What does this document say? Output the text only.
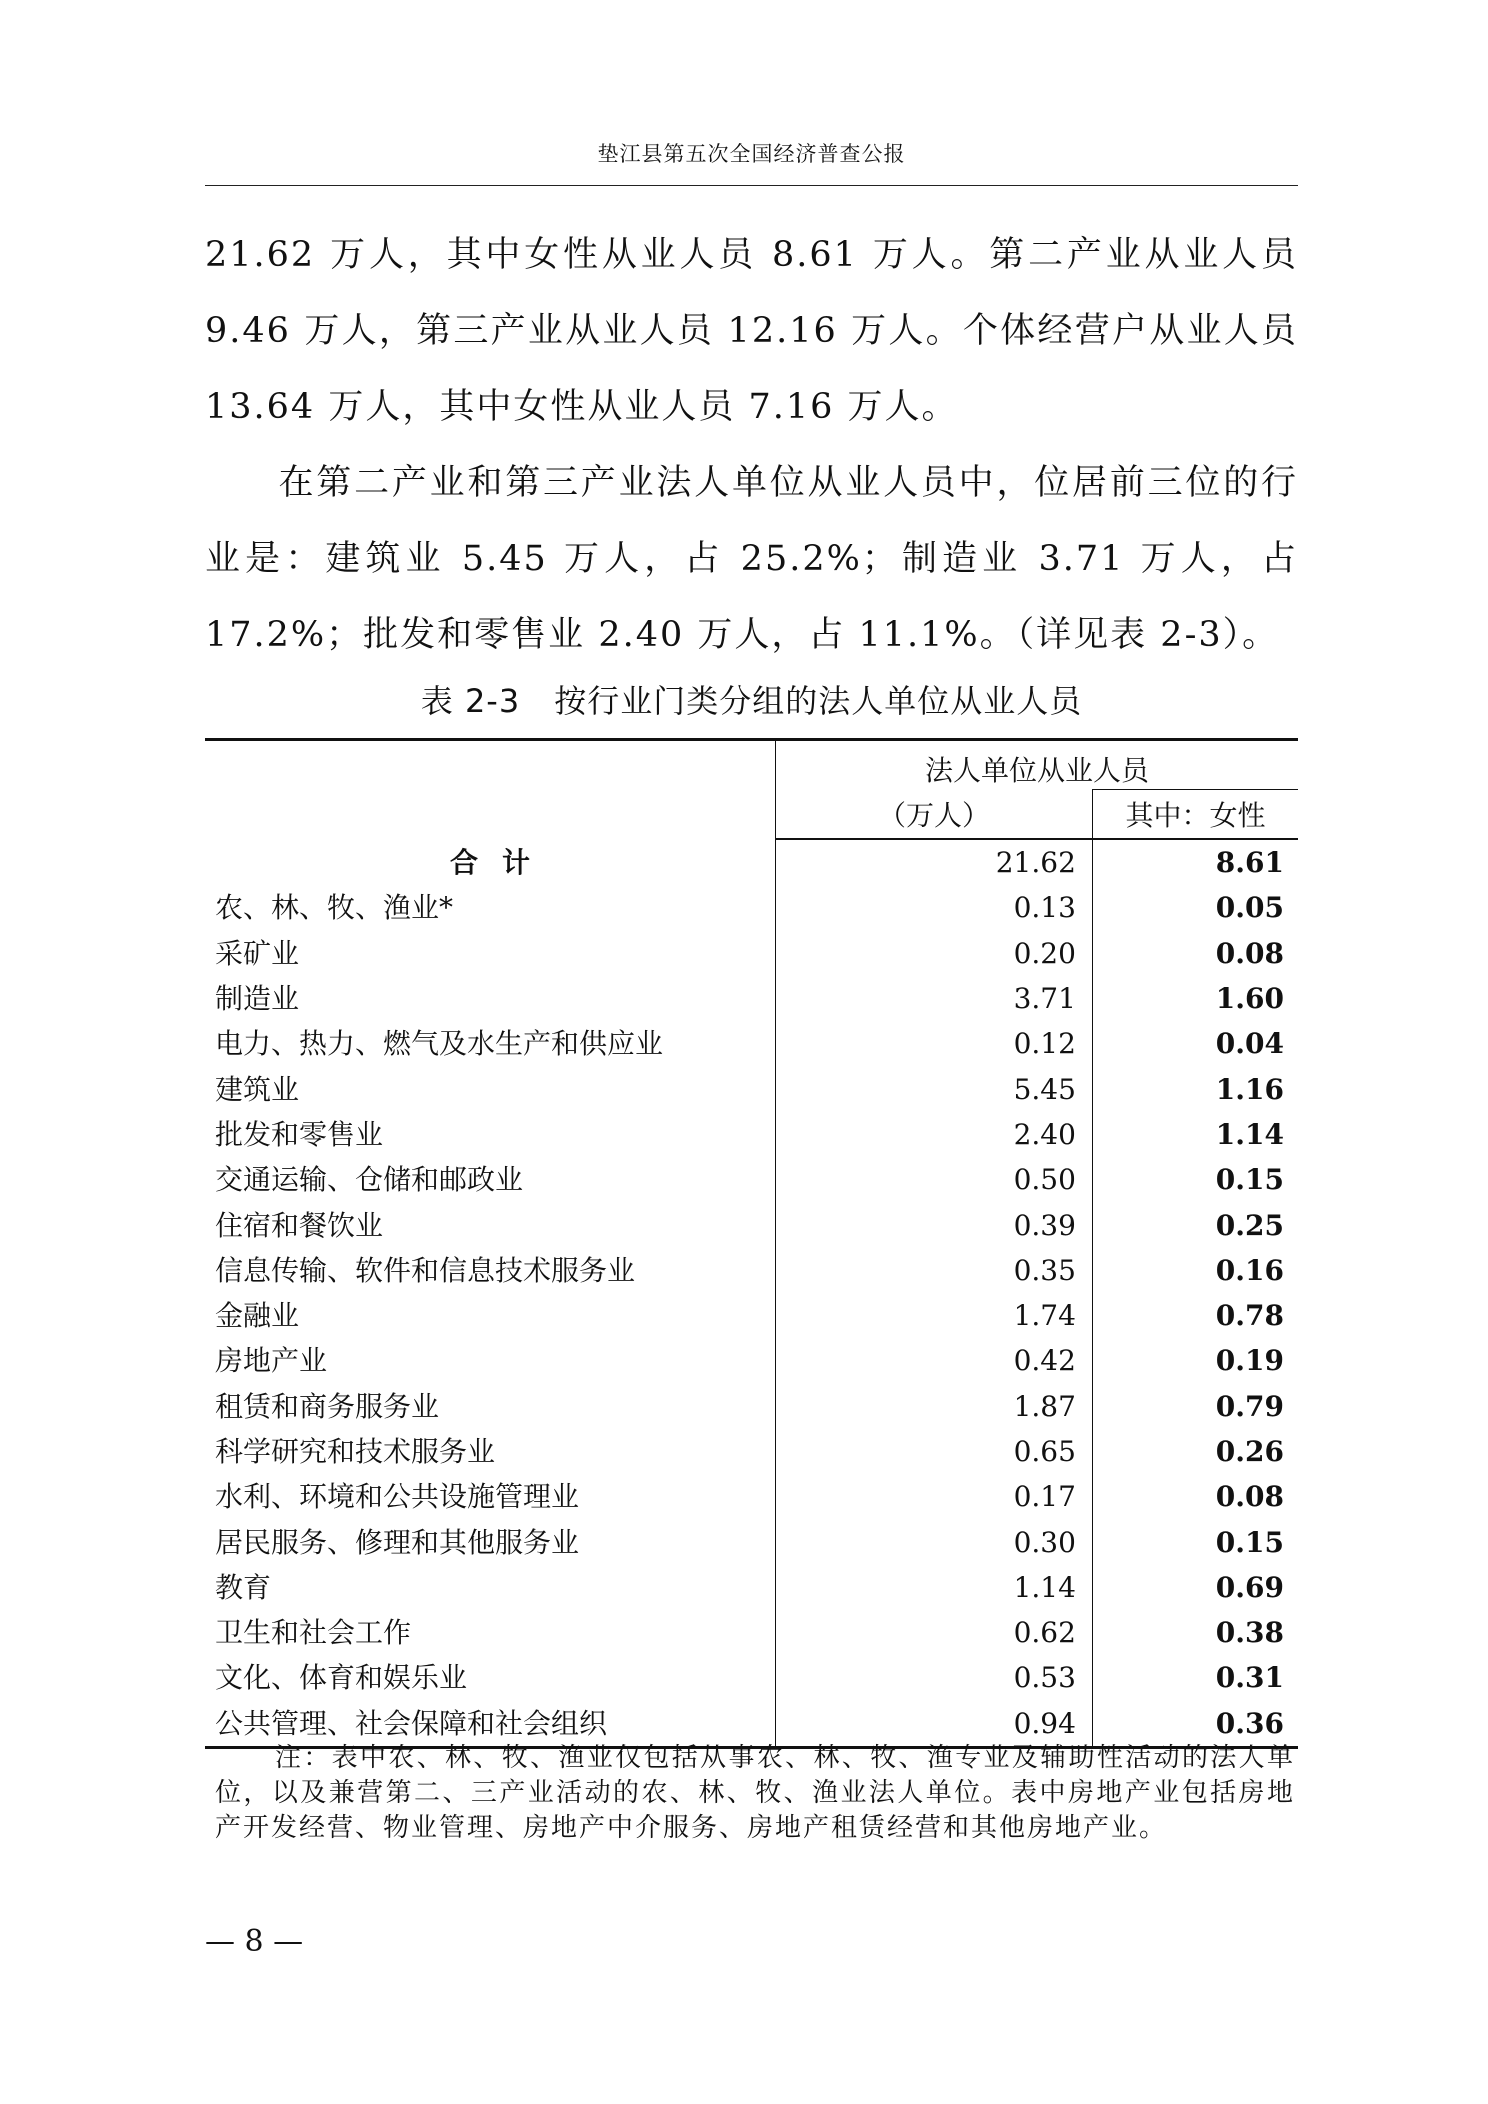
垫江县第五次全国经济普查公报

21.62 万人，其中女性从业人员 8.61 万人。第二产业从业人员 9.46 万人，第三产业从业人员 12.16 万人。个体经营户从业人员 13.64 万人，其中女性从业人员 7.16 万人。

在第二产业和第三产业法人单位从业人员中，位居前三位的行业是：建筑业 5.45 万人，占 25.2%；制造业 3.71 万人，占 17.2%；批发和零售业 2.40 万人，占 11.1%。（详见表 2-3）。

表 2-3 按行业门类分组的法人单位从业人员
	法人单位从业人员	
	（万人）	其中：女性
合计	21.62	8.61
农、林、牧、渔业*	0.13	0.05
采矿业	0.20	0.08
制造业	3.71	1.60
电力、热力、燃气及水生产和供应业	0.12	0.04
建筑业	5.45	1.16
批发和零售业	2.40	1.14
交通运输、仓储和邮政业	0.50	0.15
住宿和餐饮业	0.39	0.25
信息传输、软件和信息技术服务业	0.35	0.16
金融业	1.74	0.78
房地产业	0.42	0.19
租赁和商务服务业	1.87	0.79
科学研究和技术服务业	0.65	0.26
水利、环境和公共设施管理业	0.17	0.08
居民服务、修理和其他服务业	0.30	0.15
教育	1.14	0.69
卫生和社会工作	0.62	0.38
文化、体育和娱乐业	0.53	0.31
公共管理、社会保障和社会组织	0.94	0.36
注：表中农、林、牧、渔业仅包括从事农、林、牧、渔专业及辅助性活动的法人单位，以及兼营第二、三产业活动的农、林、牧、渔业法人单位。表中房地产业包括房地产开发经营、物业管理、房地产中介服务、房地产租赁经营和其他房地产业。
— 8 —
